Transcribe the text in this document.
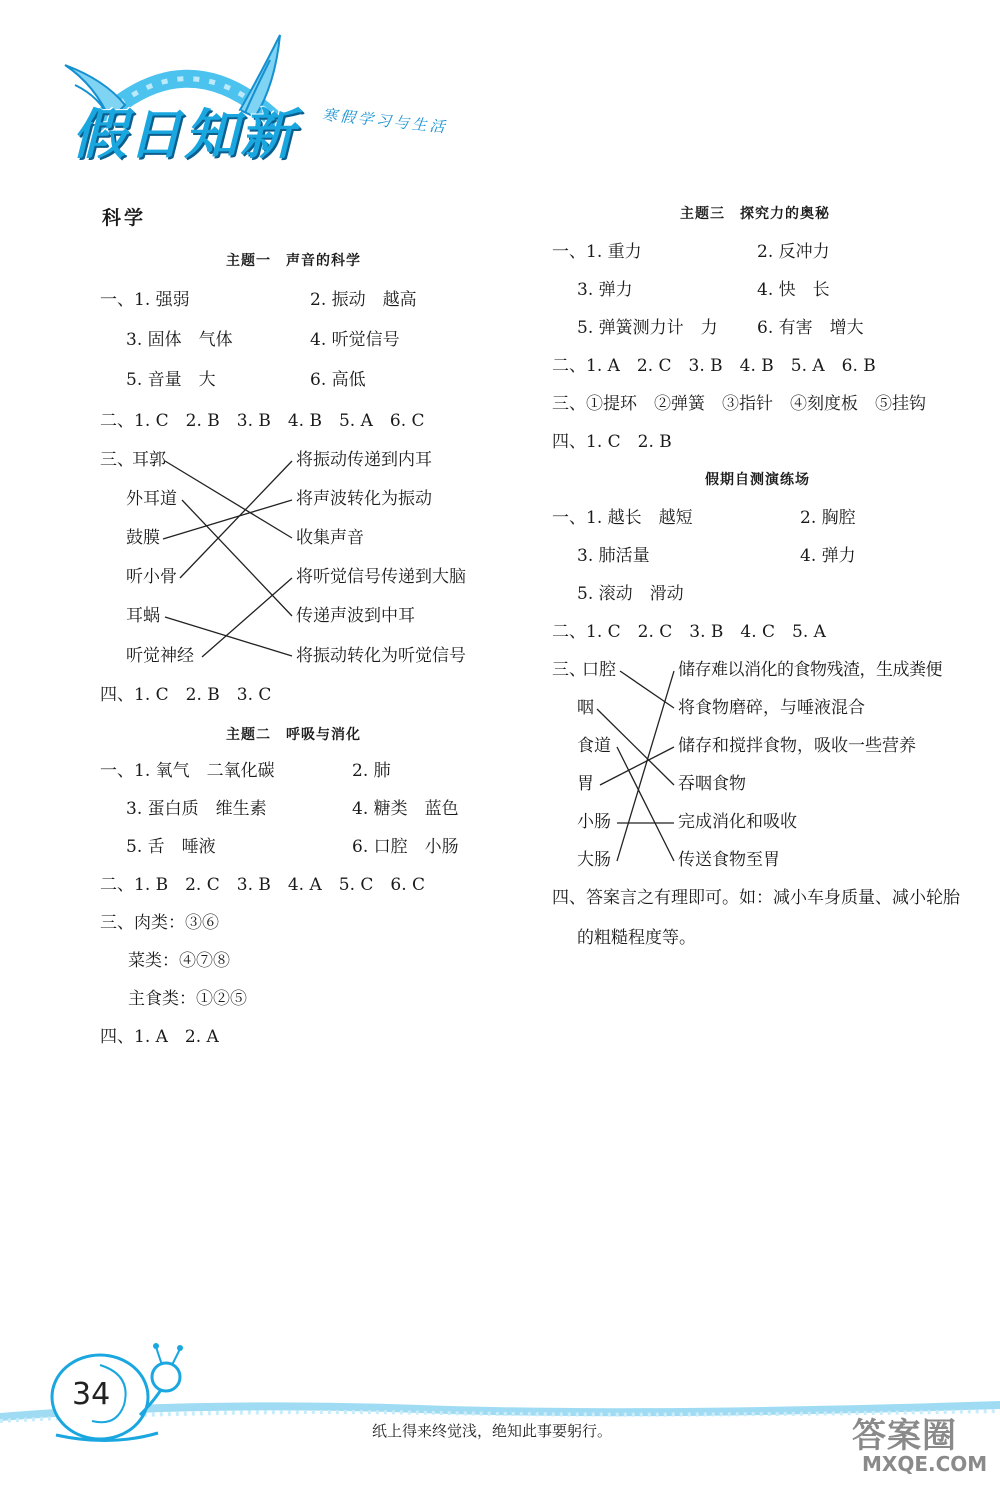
假日知新 寒假学习与生活
科学
主题一　声音的科学
一、1. 强弱	2. 振动　越高
3. 固体　气体	4. 听觉信号
5. 音量　大	6. 高低
二、1. C　2. B　3. B　4. B　5. A　6. C
三、
耳郭
外耳道
鼓膜
听小骨
耳蜗
听觉神经
将振动传递到内耳
将声波转化为振动
收集声音
将听觉信号传递到大脑
传递声波到中耳
将振动转化为听觉信号
四、1. C　2. B　3. C
主题二　呼吸与消化
一、1. 氧气　二氧化碳	2. 肺
3. 蛋白质　维生素	4. 糖类　蓝色
5. 舌　唾液	6. 口腔　小肠
二、1. B　2. C　3. B　4. A　5. C　6. C
三、肉类：③⑥
菜类：④⑦⑧
主食类：①②⑤
四、1. A　2. A
主题三　探究力的奥秘
一、1. 重力	2. 反冲力
3. 弹力	4. 快　长
5. 弹簧测力计　力 6. 有害　增大
二、1. A　2. C　3. B　4. B　5. A　6. B
三、①提环　②弹簧　③指针　④刻度板　⑤挂钩
四、1. C　2. B
假期自测演练场
一、1. 越长　越短	2. 胸腔
3. 肺活量	4. 弹力
5. 滚动　滑动
二、1. C　2. C　3. B　4. C　5. A
三、
口腔
咽
食道
胃
小肠
大肠
储存难以消化的食物残渣，生成粪便
将食物磨碎，与唾液混合
储存和搅拌食物，吸收一些营养
吞咽食物
完成消化和吸收
传送食物至胃
四、答案言之有理即可。如：减小车身质量、减小轮胎
的粗糙程度等。
34
纸上得来终觉浅，绝知此事要躬行。	答案圈
MXQE.COM
